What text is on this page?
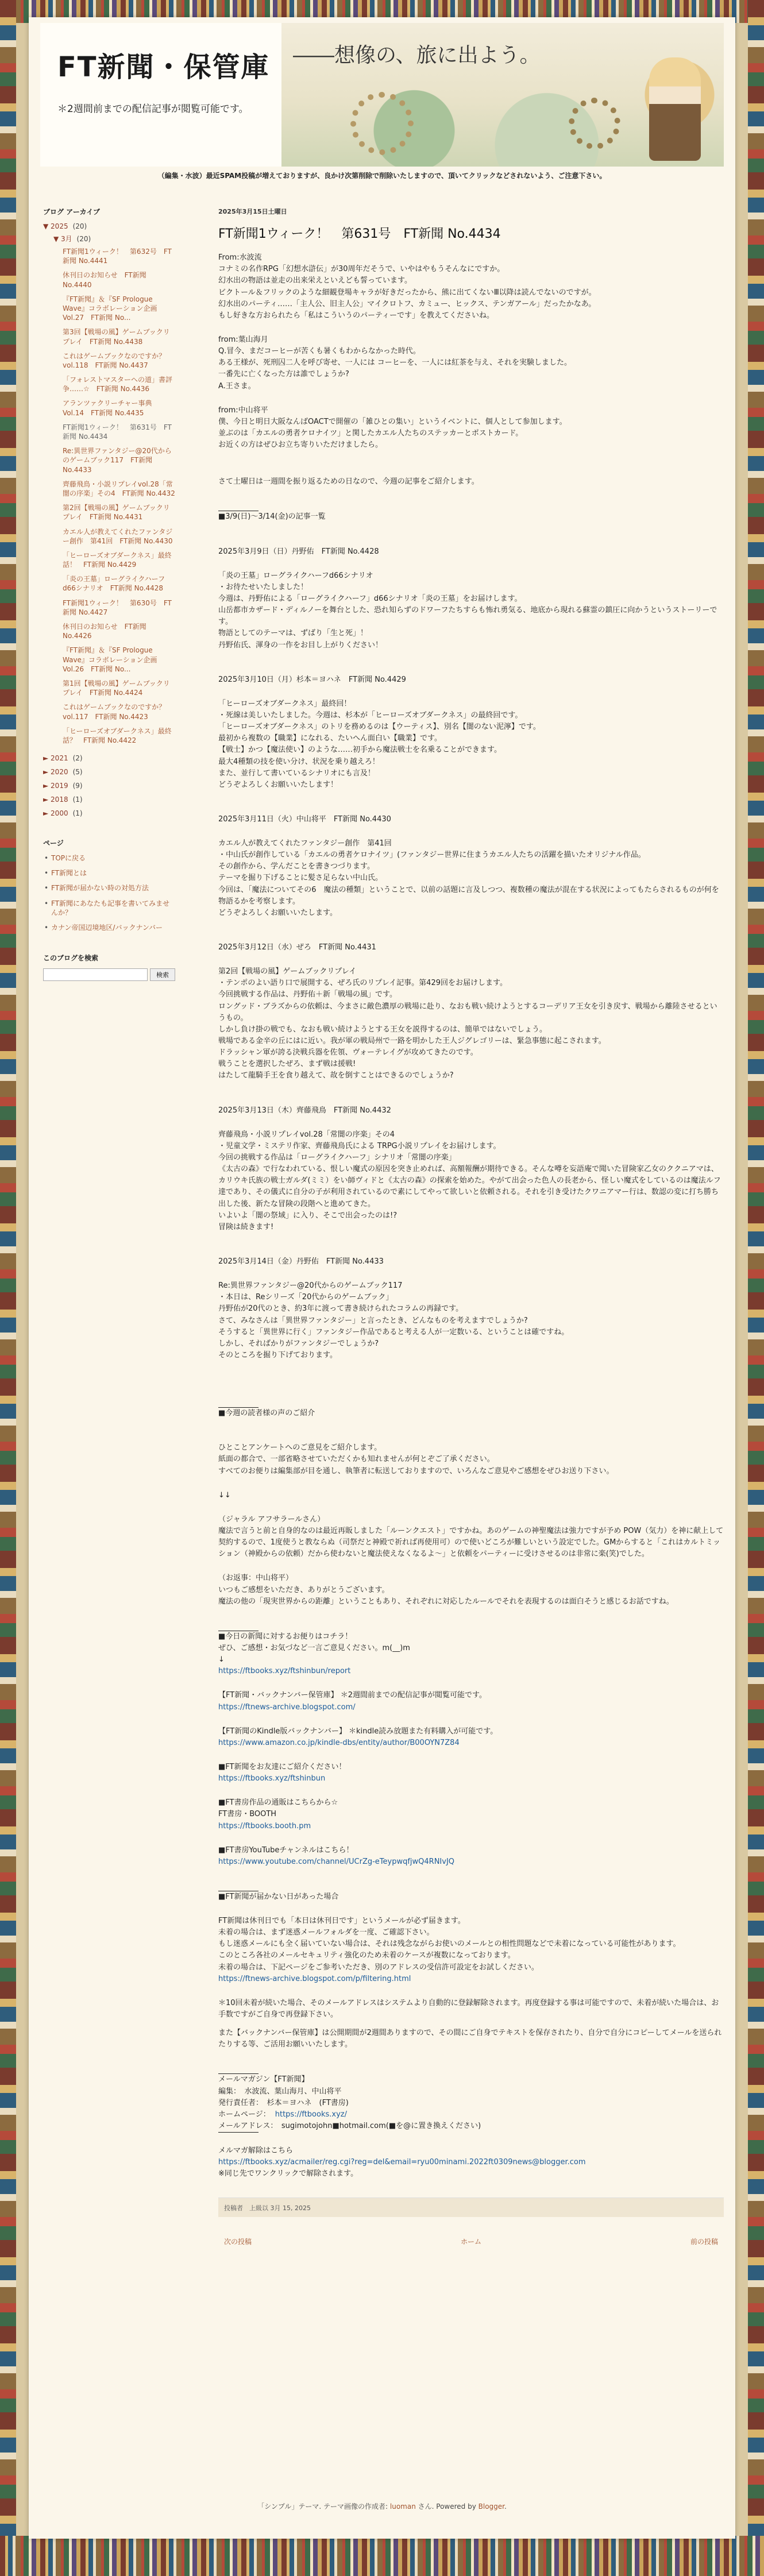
FT新聞・保管庫
＊2週間前までの配信記事が閲覧可能です。
――想像の、旅に出よう。
（編集・水波）最近SPAM投稿が増えておりますが、良かけ次第削除で削除いたしますので、頂いてクリックなどされないよう、ご注意下さい。
ブログ アーカイブ
▼ 2025 (20)
▼ 3月 (20)
FT新聞1ウィーク！　第632号　FT新聞 No.4441
休刊日のお知らせ　FT新聞 No.4440
『FT新聞』＆『SF Prologue Wave』コラボレーション企画 Vol.27　FT新聞 No...
第3回【戦場の風】ゲームブックリプレイ　FT新聞 No.4438
これはゲームブックなのですか？ vol.118　FT新聞 No.4437
「フォレストマスターへの道」書評争……☆　FT新聞 No.4436
アランツァクリーチャー事典 Vol.14　FT新聞 No.4435
FT新聞1ウィーク！　第631号　FT新聞 No.4434
Re:異世界ファンタジー@20代からのゲームブック117　FT新聞 No.4433
齊藤飛鳥・小説リプレイvol.28「常闇の序楽」その4　FT新聞 No.4432
第2回【戦場の風】ゲームブックリプレイ　FT新聞 No.4431
カエル人が教えてくれたファンタジー創作　第41回　FT新聞 No.4430
「ヒーローズオブダークネス」最終話！　FT新聞 No.4429
「炎の王墓」ローグライクハーフd66シナリオ　FT新聞 No.4428
FT新聞1ウィーク！　第630号　FT新聞 No.4427
休刊日のお知らせ　FT新聞 No.4426
『FT新聞』＆『SF Prologue Wave』コラボレーション企画 Vol.26　FT新聞 No...
第1回【戦場の風】ゲームブックリプレイ　FT新聞 No.4424
これはゲームブックなのですか？ vol.117　FT新聞 No.4423
「ヒーローズオブダークネス」最終話？　FT新聞 No.4422
► 2021 (2)
► 2020 (5)
► 2019 (9)
► 2018 (1)
► 2000 (1)
ページ
• TOPに戻る
• FT新聞とは
• FT新聞が届かない時の対処方法
• FT新聞にあなたも記事を書いてみませんか？
• カナン帝国辺境地区/バックナンバー
このブログを検索
検索
2025年3月15日土曜日
FT新聞1ウィーク！　第631号　FT新聞 No.4434
From:水波流
コナミの名作RPG「幻想水滸伝」が30周年だそうで、いやはやもうそんなにですか。
幻水出の物語は並走の出来栄えといえども誓っています。
ビクトール＆フリックのような細観登場キャラが好きだったから、熊に出てくないⅢ以降は読んでないのですが。
幻水出のパーティ……「主人公、旧主人公」マイクロトフ、カミュー、ヒックス、テンガアール」だったかなあ。
もし好きな方おられたら「私はこういうのパーティーです」を教えてくださいね。
from:葉山海月
Q.冒今、まだコーヒーが苦くも暑くもわからなかった時代。
ある王様が、死刑囚二人を呼び寄せ、一人には コーヒーを、一人には紅茶を与え、それを実験しました。
一番先に亡くなった方は誰でしょうか?
A.王さま。
from:中山将平
僕、今日と明日大阪なんばOACTで開催の「雑ひとの集い」というイベントに、個人として参加します。
並ぶのは「カエルの勇者ケロナイツ」と関したカエル人たちのステッカーとポストカード。
お近くの方はぜひお立ち寄りいただけましたら。
さて土曜日は一週間を振り返るための日なので、今週の記事をご紹介します。
■3/9(日)～3/14(金)の記事一覧
2025年3月9日（日）丹野佑　FT新聞 No.4428
「炎の王墓」ローグライクハーフd66シナリオ
・お待たせいたしました！
今週は、丹野佑による「ローグライクハーフ」d66シナリオ「炎の王墓」をお届けします。
山岳都市カザード・ディルノーを舞台とした、恐れ知らずのドワーフたちすらも怖れ勇気る、地底から現れる蘇霊の鎮圧に向かうというストーリーです。
物語としてのテーマは、ずばり「生と死」！
丹野佑氏、渾身の一作をお目し上がりください！
2025年3月10日（月）杉本＝ヨハネ　FT新聞 No.4429
「ヒーローズオブダークネス」最終回！
・死線は美しいたしました。今週は、杉本が「ヒーローズオブダークネス」の最終回です。
「ヒーローズオブダークネス」のトリを務めるのは【ウーティス】、別名【闇のない泥濘】です。
最初から複数の【職業】になれる、たいへん面白い【職業】です。
【戦士】かつ【魔法使い】のような……初手から魔法戦士を名乗ることができます。
最大4種類の技を使い分け、状況を乗り越えろ！
また、並行して書いているシナリオにも言及！
どうぞよろしくお願いいたします！
2025年3月11日（火）中山将平　FT新聞 No.4430
カエル人が教えてくれたファンタジー創作　第41回
・中山氏が創作している「カエルの勇者ケロナイツ」(ファンタジー世界に住まうカエル人たちの活躍を描いたオリジナル作品。
その創作から、学んだことを書きつづります。
テーマを掘り下げることに髪さ足らない中山氏。
今回は、「魔法についてその6　魔法の種類」ということで、以前の話題に言及しつつ、複数種の魔法が混在する状況によってもたらされるものが何を物語るかを考察します。
どうぞよろしくお願いいたします。
2025年3月12日（水）ぜろ　FT新聞 No.4431
第2回【戦場の風】ゲームブックリプレイ
・テンポのよい語り口で展開する、ぜろ氏のリプレイ記事。第429回をお届けします。
今回挑戦する作品は、丹野佑＋新「戦場の風」です。
ロングッド・ブラズからの依頼は、今まさに敵色濃厚の戦場に赴り、なおも戦い続けようとするコーデリア王女を引き戻す、戦場から離陸させるというもの。
しかし負け掛の戦でも、なおも戦い続けようとする王女を説得するのは、簡単ではないでしょう。
戦場である金辛の丘にはに近い。我が軍の戦局州で一路を明かした王人ジグレゴリーは、緊急事態に起こされます。
ドラッシャン軍が誇る決戦兵器を佐領、ヴォーテレイグが攻めてきたのです。
戦うことを選択したぜろ、まず戦は援戦!
はたして龍騎手王を食り越えて、故を倒すことはできるのでしょうか?
2025年3月13日（木）齊藤飛鳥　FT新聞 No.4432
齊藤飛鳥・小説リプレイvol.28「常闇の序楽」その4
・児童文学・ミステリ作家、齊藤飛鳥氏による TRPG小説リプレイをお届けします。
今回の挑戦する作品は「ローグライクハーフ」シナリオ「常闇の序楽」
《太古の森》で行なわれている、恨しい魔式の原因を突き止めれば、高額報酬が期待できる。そんな噂を妄語庵で聞いた冒険家乙女のククニアマは、カリウキ氏族の戦士ガルダ(ミミ）をい師ヴィドと《太古の森》の探索を始めた。やがて出会った色人の長老から、怪しい魔式をしているのは魔法ルフ達であり、その儀式に自分の子が利用されているので素にしてやって欲しいと依頼される。それを引き受けたクワニアマー行は、数認の変に打ち勝ち出した後、新たな冒険の段階へと進めてきた。
いよいよ「闇の祭域」に入り、そこで出会ったのは!?
冒険は続きます!
2025年3月14日（金）丹野佑　FT新聞 No.4433
Re:異世界ファンタジー@20代からのゲームブック117
・本日は、Reシリーズ「20代からのゲームブック」
丹野佑が20代のとき、約3年に渡って書き続けられたコラムの再録です。
さて、みなさんは「異世界ファンタジー」と言ったとき、どんなものを考えますでしょうか?
そうすると「異世界に行く」ファンタジー作品であると考える人が一定数いる、ということは確ですね。
しかし、そればかりがファンタジーでしょうか?
そのところを掘り下げております。
■今週の読者様の声のご紹介
ひとことアンケートへのご意見をご紹介します。
紙面の都合で、一部省略させていただくかも知れませんが何とぞご了承ください。
すべてのお便りは編集部が目を通し、執筆者に転送しておりますので、いろんなご意見やご感想をぜひお送り下さい。
↓↓
（ジャラル アフサラールさん）
魔法で言うと前と自身的なのは最近再販しました「ルーンクエスト」ですかね。あのゲームの神聖魔法は強力ですが予め POW（気力）を神に献上して契約するので、1度使うと教ならぬ（司祭だと神殿で祈れば再使用可）ので使いどころが難しいという設定でした。GMからすると「これはカルトミッション（神殿からの依頼）だから使わないと魔法使えなくなるよ～」と依頼をパーティーに受けさせるのは非常に楽(笑)でした。
（お返事：中山将平）
いつもご感想をいただき、ありがとうございます。
魔法の他の「現実世界からの距離」ということもあり、それぞれに対応したルールでそれを表現するのは面白そうと感じるお話ですね。
■今日の新聞に対するお便りはコチラ！
ぜひ、ご感想・お気づなど一言ご意見ください。m(__)m
↓
https://ftbooks.xyz/ftshinbun/report
【FT新聞・バックナンバー保管庫】 ＊2週間前までの配信記事が閲覧可能です。
https://ftnews-archive.blogspot.com/
【FT新聞のKindle版バックナンバー】 ＊kindle読み放題また有料購入が可能です。
https://www.amazon.co.jp/kindle-dbs/entity/author/B00OYN7Z84
■FT新聞をお友達にご紹介ください！
https://ftbooks.xyz/ftshinbun
■FT書房作品の通販はこちらから☆
FT書房・BOOTH
https://ftbooks.booth.pm
■FT書房YouTubeチャンネルはこちら！
https://www.youtube.com/channel/UCrZg-eTeypwqfjwQ4RNIvJQ
■FT新聞が届かない日があった場合
FT新聞は休刊日でも「本日は休刊日です」というメールが必ず届きます。
未着の場合は、まず迷惑メールフォルダを一度、ご確認下さい。
もし迷惑メールにも全く届いていない場合は、それは残念ながらお使いのメールとの相性問題などで未着になっている可能性があります。
このところ各社のメールセキュリティ強化のため未着のケースが複数になっております。
未着の場合は、下記ページをご参考いただき、別のアドレスの受信許可設定をお試しください。
https://ftnews-archive.blogspot.com/p/filtering.html
＊10回未着が続いた場合、そのメールアドレスはシステムより自動的に登録解除されます。再度登録する事は可能ですので、未着が続いた場合は、お手数ですがご自身で再登録下さい。
また【バックナンバー保管庫】は公開期間が2週間ありますので、その間にご自身でテキストを保存されたり、自分で自分にコピーしてメールを送られたりする等、ご活用お願いいたします。
メールマガジン【FT新聞】
編集：　水波流、葉山海月、中山将平
発行責任者：　杉本＝ヨハネ　(FT書房)
ホームページ： https://ftbooks.xyz/
メールアドレス：　sugimotojohn■hotmail.com(■を@に置き換えください)
メルマガ解除はこちら
https://ftbooks.xyz/acmailer/reg.cgi?reg=del&email=ryu00minami.2022ft0309news@blogger.com
※同じ先でワンクリックで解除されます。
投稿者　上級以 3月 15, 2025
次の投稿	ホーム	前の投稿
「シンプル」テーマ. テーマ画像の作成者: luoman さん. Powered by Blogger.
